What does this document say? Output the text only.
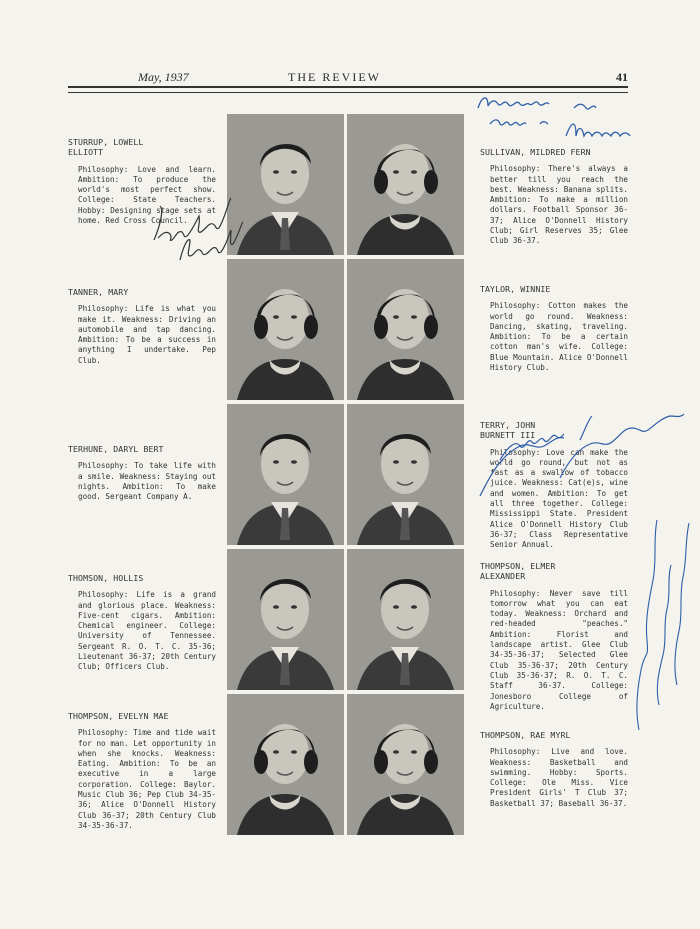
May, 1937	THE REVIEW	41
STURRUP, LOWELL
ELLIOTT
Philosophy: Love and learn. Ambition: To produce the world's most perfect show. College: State Teachers. Hobby: Designing stage sets at home. Red Cross Council.
TANNER, MARY
Philosophy: Life is what you make it. Weakness: Driving an automobile and tap dancing. Ambition: To be a success in anything I undertake. Pep Club.
TERHUNE, DARYL BERT
Philosophy: To take life with a smile. Weakness: Staying out nights. Ambition: To make good. Sergeant Company A.
THOMSON, HOLLIS
Philosophy: Life is a grand and glorious place. Weakness: Five-cent cigars. Ambition: Chemical engineer. College: University of Tennessee. Sergeant R. O. T. C. 35-36; Lieutenant 36-37; 20th Century Club; Officers Club.
THOMPSON, EVELYN MAE
Philosophy: Time and tide wait for no man. Let opportunity in when she knocks. Weakness: Eating. Ambition: To be an executive in a large corporation. College: Baylor. Music Club 36; Pep Club 34-35-36; Alice O'Donnell History Club 36-37; 20th Century Club 34-35-36-37.
SULLIVAN, MILDRED FERN
Philosophy: There's always a better till you reach the best. Weakness: Banana splits. Ambition: To make a million dollars. Football Sponsor 36-37; Alice O'Donnell History Club; Girl Reserves 35; Glee Club 36-37.
TAYLOR, WINNIE
Philosophy: Cotton makes the world go round. Weakness: Dancing, skating, traveling. Ambition: To be a certain cotton man's wife. College: Blue Mountain. Alice O'Donnell History Club.
TERRY, JOHN
BURNETT III
Philosophy: Love can make the world go round, but not as fast as a swallow of tobacco juice. Weakness: Cat(e)s, wine and women. Ambition: To get all three together. College: Mississippi State. President Alice O'Donnell History Club 36-37; Class Representative Senior Annual.
THOMPSON, ELMER
ALEXANDER
Philosophy: Never save till tomorrow what you can eat today. Weakness: Orchard and red-headed "peaches." Ambition: Florist and landscape artist. Glee Club 34-35-36-37; Selected Glee Club 35-36-37; 20th Century Club 35-36-37; R. O. T. C. Staff 36-37. College: Jonesboro College of Agriculture.
THOMPSON, RAE MYRL
Philosophy: Live and love. Weakness: Basketball and swimming. Hobby: Sports. College: Ole Miss. Vice President Girls' T Club 37; Basketball 37; Baseball 36-37.
